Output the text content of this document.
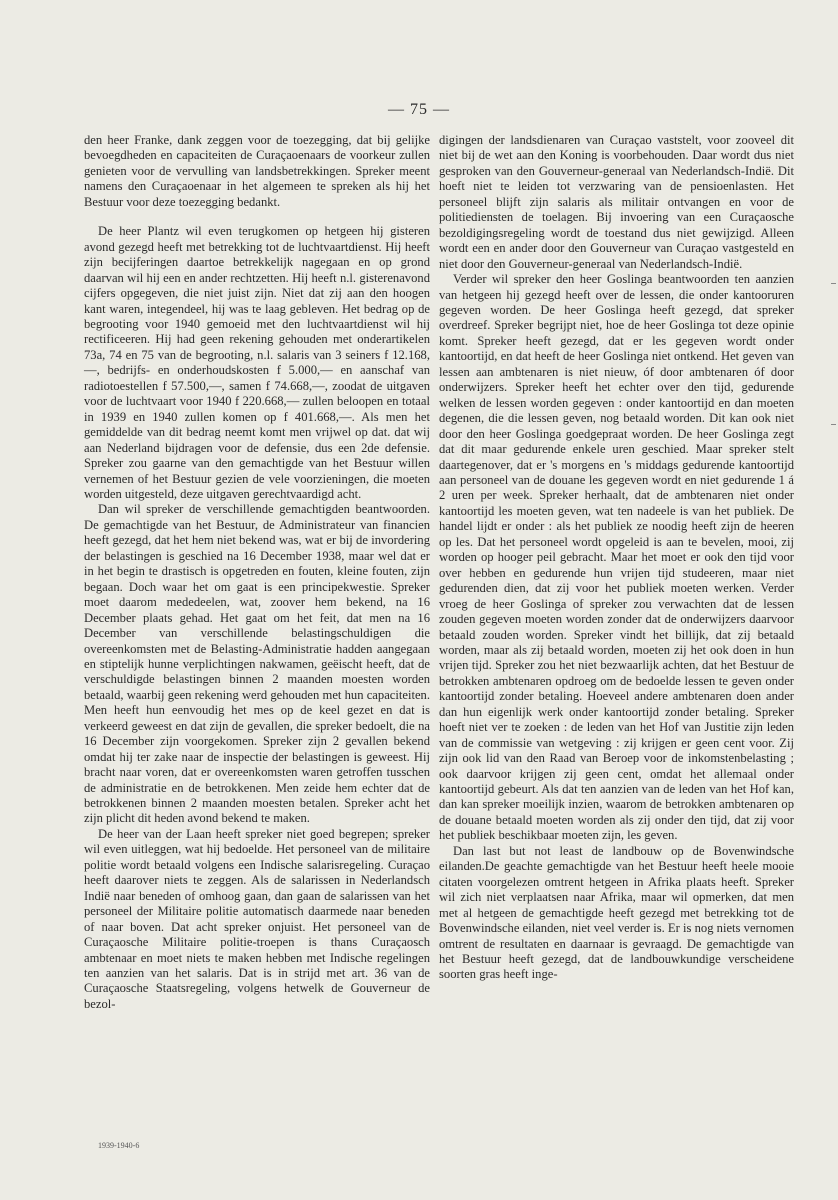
— 75 —

den heer Franke, dank zeggen voor de toezegging, dat bij gelijke bevoegdheden en capaciteiten de Curaçaoenaars de voorkeur zullen genieten voor de vervulling van landsbetrekkingen. Spreker meent namens den Curaçaoenaar in het algemeen te spreken als hij het Bestuur voor deze toezegging bedankt.

De heer Plantz wil even terugkomen op hetgeen hij gisteren avond gezegd heeft met betrekking tot de luchtvaartdienst. Hij heeft zijn becijferingen daartoe betrekkelijk nagegaan en op grond daarvan wil hij een en ander rechtzetten. Hij heeft n.l. gisterenavond cijfers opgegeven, die niet juist zijn. Niet dat zij aan den hoogen kant waren, integendeel, hij was te laag gebleven. Het bedrag op de begrooting voor 1940 gemoeid met den luchtvaartdienst wil hij rectificeeren. Hij had geen rekening gehouden met onderartikelen 73a, 74 en 75 van de begrooting, n.l. salaris van 3 seiners f 12.168,—, bedrijfs- en onderhoudskosten f 5.000,— en aanschaf van radiotoestellen f 57.500,—, samen f 74.668,—, zoodat de uitgaven voor de luchtvaart voor 1940 f 220.668,— zullen beloopen en totaal in 1939 en 1940 zullen komen op f 401.668,—. Als men het gemiddelde van dit bedrag neemt komt men vrijwel op dat. dat wij aan Nederland bijdragen voor de defensie, dus een 2de defensie. Spreker zou gaarne van den gemachtigde van het Bestuur willen vernemen of het Bestuur gezien de vele voorzieningen, die moeten worden uitgesteld, deze uitgaven gerechtvaardigd acht.

Dan wil spreker de verschillende gemachtigden beantwoorden. De gemachtigde van het Bestuur, de Administrateur van financien heeft gezegd, dat het hem niet bekend was, wat er bij de invordering der belastingen is geschied na 16 December 1938, maar wel dat er in het begin te drastisch is opgetreden en fouten, kleine fouten, zijn begaan. Doch waar het om gaat is een principekwestie. Spreker moet daarom mededeelen, wat, zoover hem bekend, na 16 December plaats gehad. Het gaat om het feit, dat men na 16 December van verschillende belastingschuldigen die overeenkomsten met de Belasting-Administratie hadden aangegaan en stiptelijk hunne verplichtingen nakwamen, geëischt heeft, dat de verschuldigde belastingen binnen 2 maanden moesten worden betaald, waarbij geen rekening werd gehouden met hun capaciteiten. Men heeft hun eenvoudig het mes op de keel gezet en dat is verkeerd geweest en dat zijn de gevallen, die spreker bedoelt, die na 16 December zijn voorgekomen. Spreker zijn 2 gevallen bekend omdat hij ter zake naar de inspectie der belastingen is geweest. Hij bracht naar voren, dat er overeenkomsten waren getroffen tusschen de administratie en de betrokkenen. Men zeide hem echter dat de betrokkenen binnen 2 maanden moesten betalen. Spreker acht het zijn plicht dit heden avond bekend te maken.

De heer van der Laan heeft spreker niet goed begrepen; spreker wil even uitleggen, wat hij bedoelde. Het personeel van de militaire politie wordt betaald volgens een Indische salarisregeling. Curaçao heeft daarover niets te zeggen. Als de salarissen in Nederlandsch Indië naar beneden of omhoog gaan, dan gaan de salarissen van het personeel der Militaire politie automatisch daarmede naar beneden of naar boven. Dat acht spreker onjuist. Het personeel van de Curaçaosche Militaire politie-troepen is thans Curaçaosch ambtenaar en moet niets te maken hebben met Indische regelingen ten aanzien van het salaris. Dat is in strijd met art. 36 van de Curaçaosche Staatsregeling, volgens hetwelk de Gouverneur de bezol-

digingen der landsdienaren van Curaçao vaststelt, voor zooveel dit niet bij de wet aan den Koning is voorbehouden. Daar wordt dus niet gesproken van den Gouverneur-generaal van Nederlandsch-Indië. Dit hoeft niet te leiden tot verzwaring van de pensioenlasten. Het personeel blijft zijn salaris als militair ontvangen en voor de politiediensten de toelagen. Bij invoering van een Curaçaosche bezoldigingsregeling wordt de toestand dus niet gewijzigd. Alleen wordt een en ander door den Gouverneur van Curaçao vastgesteld en niet door den Gouverneur-generaal van Nederlandsch-Indië.

Verder wil spreker den heer Goslinga beantwoorden ten aanzien van hetgeen hij gezegd heeft over de lessen, die onder kantooruren gegeven worden. De heer Goslinga heeft gezegd, dat spreker overdreef. Spreker begrijpt niet, hoe de heer Goslinga tot deze opinie komt. Spreker heeft gezegd, dat er les gegeven wordt onder kantoortijd, en dat heeft de heer Goslinga niet ontkend. Het geven van lessen aan ambtenaren is niet nieuw, óf door ambtenaren óf door onderwijzers. Spreker heeft het echter over den tijd, gedurende welken de lessen worden gegeven : onder kantoortijd en dan moeten degenen, die die lessen geven, nog betaald worden. Dit kan ook niet door den heer Goslinga goedgepraat worden. De heer Goslinga zegt dat dit maar gedurende enkele uren geschied. Maar spreker stelt daartegenover, dat er 's morgens en 's middags gedurende kantoortijd aan personeel van de douane les gegeven wordt en niet gedurende 1 á 2 uren per week. Spreker herhaalt, dat de ambtenaren niet onder kantoortijd les moeten geven, wat ten nadeele is van het publiek. De handel lijdt er onder : als het publiek ze noodig heeft zijn de heeren op les. Dat het personeel wordt opgeleid is aan te bevelen, mooi, zij worden op hooger peil gebracht. Maar het moet er ook den tijd voor over hebben en gedurende hun vrijen tijd studeeren, maar niet gedurenden dien, dat zij voor het publiek moeten werken. Verder vroeg de heer Goslinga of spreker zou verwachten dat de lessen zouden gegeven moeten worden zonder dat de onderwijzers daarvoor betaald zouden worden. Spreker vindt het billijk, dat zij betaald worden, maar als zij betaald worden, moeten zij het ook doen in hun vrijen tijd. Spreker zou het niet bezwaarlijk achten, dat het Bestuur de betrokken ambtenaren opdroeg om de bedoelde lessen te geven onder kantoortijd zonder betaling. Hoeveel andere ambtenaren doen ander dan hun eigenlijk werk onder kantoortijd zonder betaling. Spreker hoeft niet ver te zoeken : de leden van het Hof van Justitie zijn leden van de commissie van wetgeving : zij krijgen er geen cent voor. Zij zijn ook lid van den Raad van Beroep voor de inkomstenbelasting ; ook daarvoor krijgen zij geen cent, omdat het allemaal onder kantoortijd gebeurt. Als dat ten aanzien van de leden van het Hof kan, dan kan spreker moeilijk inzien, waarom de betrokken ambtenaren op de douane betaald moeten worden als zij onder den tijd, dat zij voor het publiek beschikbaar moeten zijn, les geven.

Dan last but not least de landbouw op de Bovenwindsche eilanden.De geachte gemachtigde van het Bestuur heeft heele mooie citaten voorgelezen omtrent hetgeen in Afrika plaats heeft. Spreker wil zich niet verplaatsen naar Afrika, maar wil opmerken, dat men met al hetgeen de gemachtigde heeft gezegd met betrekking tot de Bovenwindsche eilanden, niet veel verder is. Er is nog niets vernomen omtrent de resultaten en daarnaar is gevraagd. De gemachtigde van het Bestuur heeft gezegd, dat de landbouwkundige verscheidene soorten gras heeft inge-

1939-1940-6
